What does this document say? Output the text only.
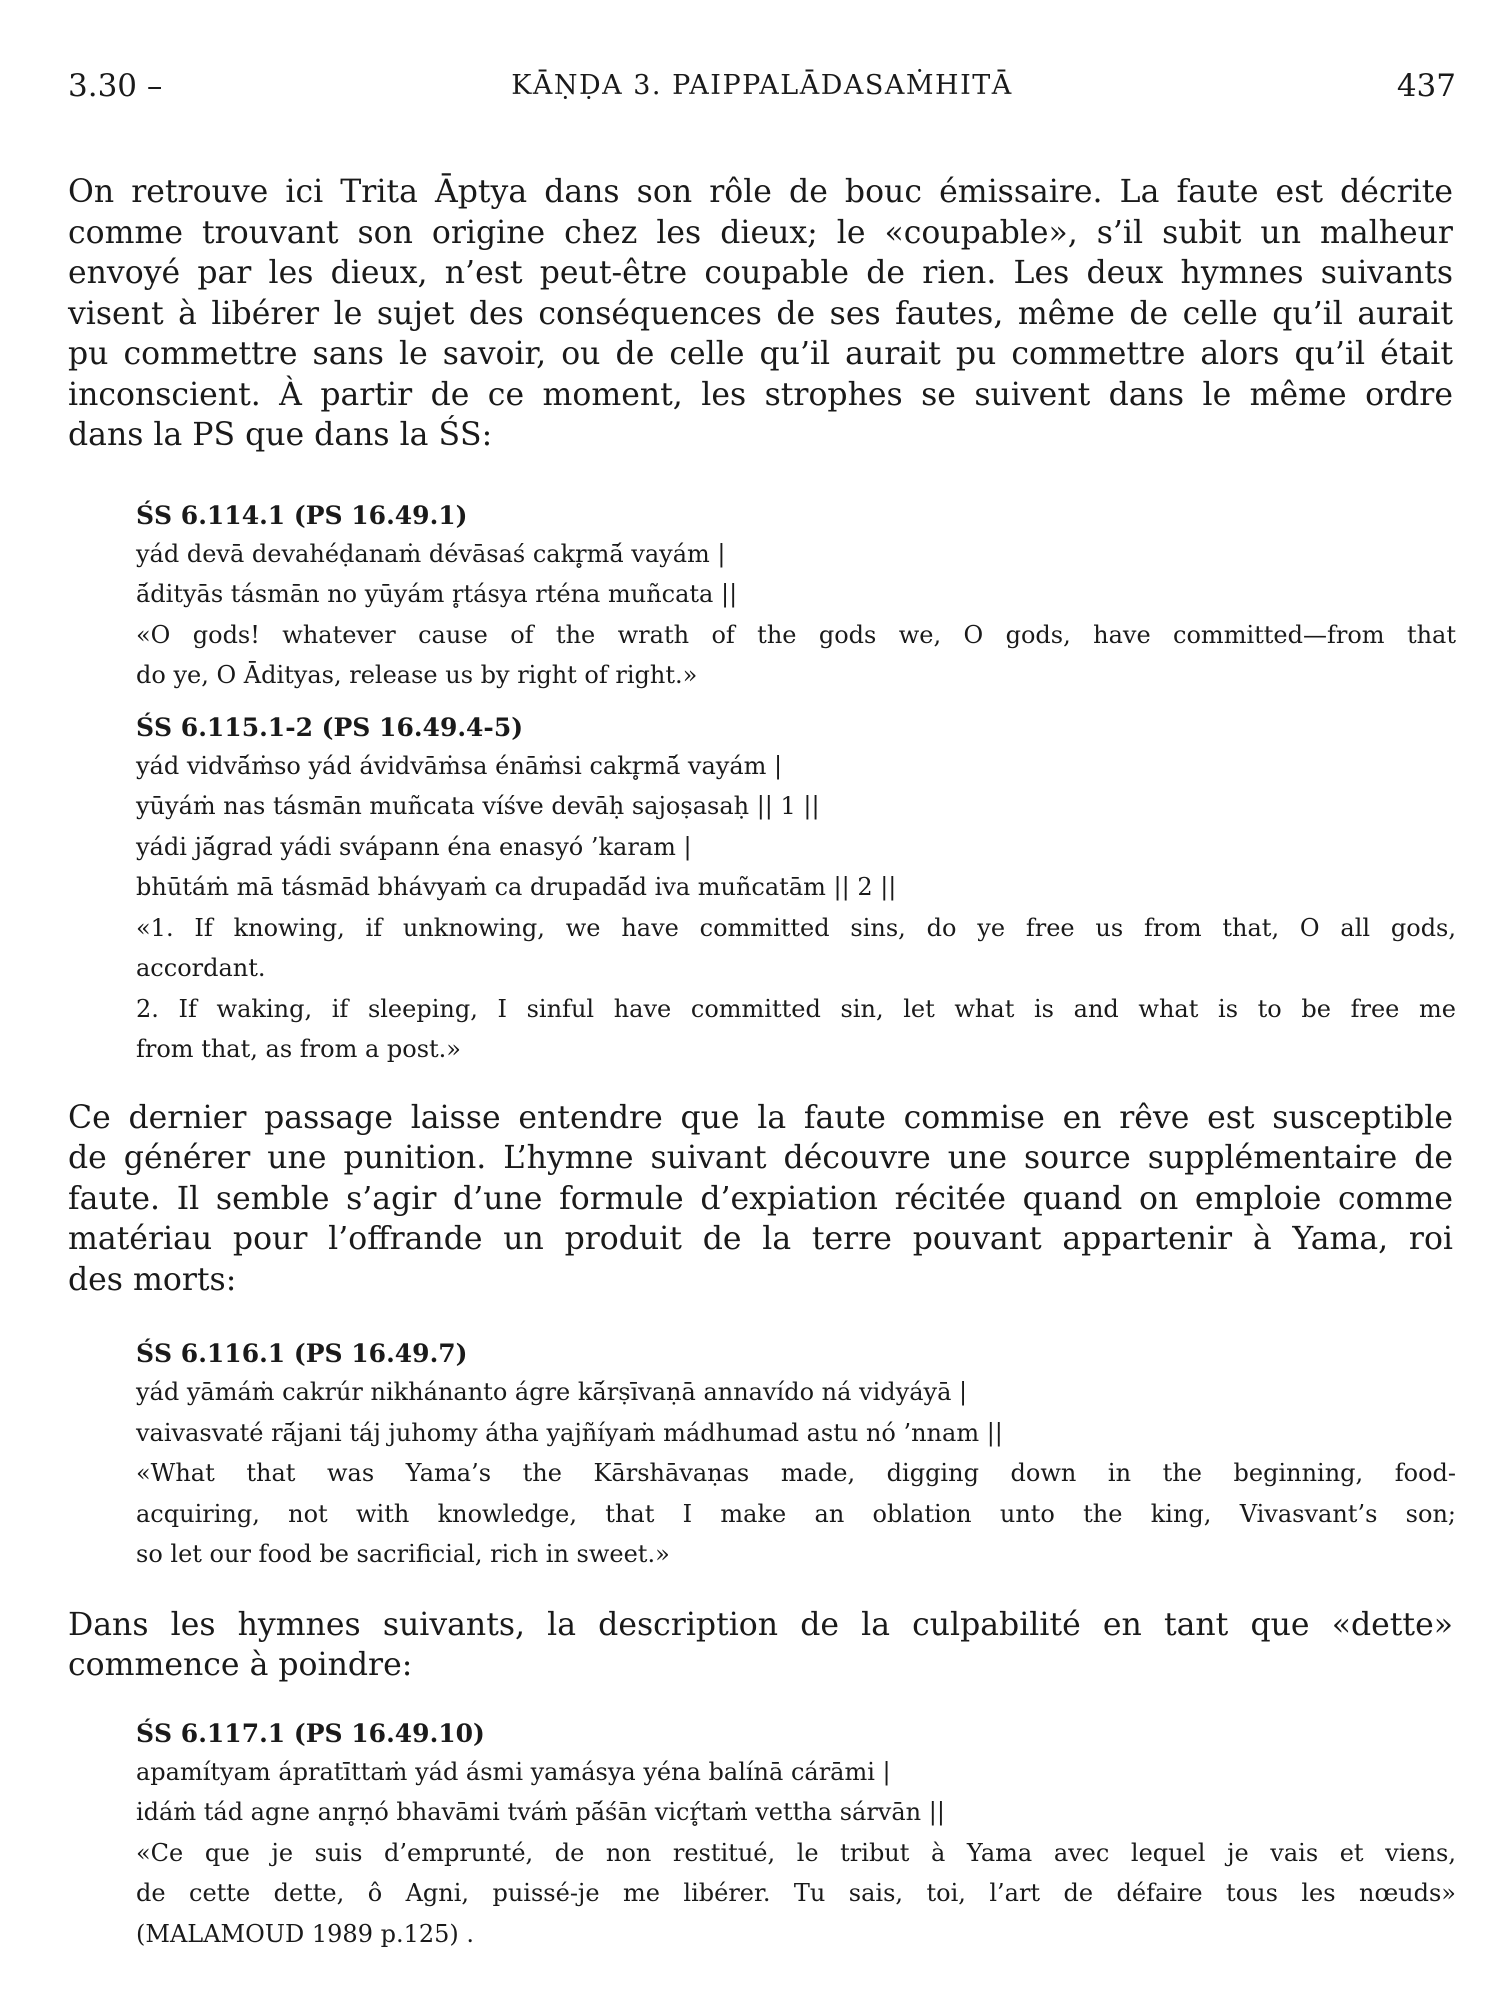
3.30 –	KĀṆḌA 3. PAIPPALĀDASAṀHITĀ	437

On retrouve ici Trita Āptya dans son rôle de bouc émissaire. La faute est décrite
comme trouvant son origine chez les dieux; le «coupable», s’il subit un malheur
envoyé par les dieux, n’est peut-être coupable de rien. Les deux hymnes suivants
visent à libérer le sujet des conséquences de ses fautes, même de celle qu’il aurait
pu commettre sans le savoir, ou de celle qu’il aurait pu commettre alors qu’il était
inconscient. À partir de ce moment, les strophes se suivent dans le même ordre
dans la PS que dans la ŚS:

ŚS 6.114.1 (PS 16.49.1)
yád devā devahéḍanaṁ dévāsaś cakr̥mā́ vayám |
ā́dityās tásmān no yūyám r̥tásya rténa muñcata ||
«O gods! whatever cause of the wrath of the gods we, O gods, have committed—from that
do ye, O Ādityas, release us by right of right.»
ŚS 6.115.1-2 (PS 16.49.4-5)
yád vidvā́ṁso yád ávidvāṁsa énāṁsi cakr̥mā́ vayám |
yūyáṁ nas tásmān muñcata víśve devāḥ sajoṣasaḥ || 1 ||
yádi jā́grad yádi svápann éna enasyó ’karam |
bhūtáṁ mā tásmād bhávyaṁ ca drupadā́d iva muñcatām || 2 ||
«1. If knowing, if unknowing, we have committed sins, do ye free us from that, O all gods,
accordant.
2. If waking, if sleeping, I sinful have committed sin, let what is and what is to be free me
from that, as from a post.»

Ce dernier passage laisse entendre que la faute commise en rêve est susceptible
de générer une punition. L’hymne suivant découvre une source supplémentaire de
faute. Il semble s’agir d’une formule d’expiation récitée quand on emploie comme
matériau pour l’offrande un produit de la terre pouvant appartenir à Yama, roi
des morts:

ŚS 6.116.1 (PS 16.49.7)
yád yāmáṁ cakrúr nikhánanto ágre kā́rṣīvaṇā annavído ná vidyáyā |
vaivasvaté rā́jani táj juhomy átha yajñíyaṁ mádhumad astu nó ’nnam ||
«What that was Yama’s the Kārshāvaṇas made, digging down in the beginning, food-
acquiring, not with knowledge, that I make an oblation unto the king, Vivasvant’s son;
so let our food be sacrificial, rich in sweet.»

Dans les hymnes suivants, la description de la culpabilité en tant que «dette»
commence à poindre:

ŚS 6.117.1 (PS 16.49.10)
apamítyam ápratīttaṁ yád ásmi yamásya yéna balínā cárāmi |
idáṁ tád agne anr̥ṇó bhavāmi tváṁ pā́śān vicŕ̥taṁ vettha sárvān ||
«Ce que je suis d’emprunté, de non restitué, le tribut à Yama avec lequel je vais et viens,
de cette dette, ô Agni, puissé-je me libérer. Tu sais, toi, l’art de défaire tous les nœuds»
(MALAMOUD 1989 p.125) .
